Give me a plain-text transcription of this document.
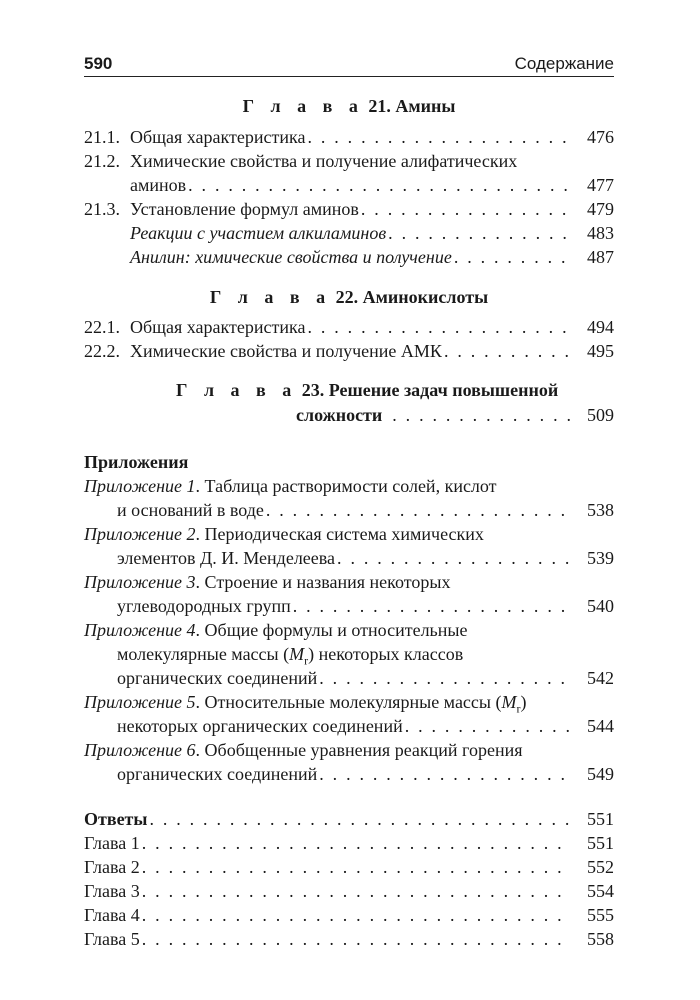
590	Содержание
Г л а в а 21. Амины
21.1. Общая характеристика . . .	476
21.2. Химические свойства и получение алифатических
аминов . . .	477
21.3. Установление формул аминов . . .	479
Реакции с участием алкиламинов . . .	483
Анилин: химические свойства и получение . . .	487
Г л а в а 22. Аминокислоты
22.1. Общая характеристика . . .	494
22.2. Химические свойства и получение АМК . . .	495
Г л а в а 23. Решение задач повышенной
сложности . . .	509
Приложения
Приложение 1. Таблица растворимости солей, кислот
и оснований в воде . . .	538
Приложение 2. Периодическая система химических
элементов Д. И. Менделеева . . .	539
Приложение 3. Строение и названия некоторых
углеводородных групп . . .	540
Приложение 4. Общие формулы и относительные
молекулярные массы $(M_r)$ некоторых классов
органических соединений . . .	542
Приложение 5. Относительные молекулярные массы $(M_r)$
некоторых органических соединений . . .	544
Приложение 6. Обобщенные уравнения реакций горения
органических соединений . . .	549
Ответы . . .	551
Глава 1 . . .	551
Глава 2 . . .	552
Глава 3 . . .	554
Глава 4 . . .	555
Глава 5 . . .	558
